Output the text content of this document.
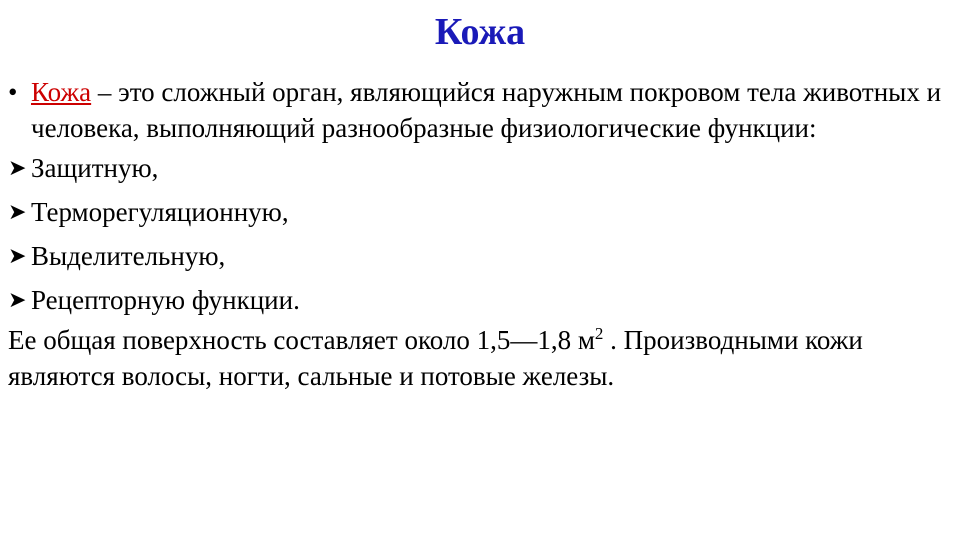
Кожа
• Кожа – это сложный орган, являющийся наружным покровом тела животных и человека, выполняющий разнообразные физиологические функции:
➤ Защитную,
➤ Терморегуляционную,
➤ Выделительную,
➤ Рецепторную функции.
Ее общая поверхность составляет около 1,5—1,8 $м^2$ . Производными кожи являются волосы, ногти, сальные и потовые железы.
